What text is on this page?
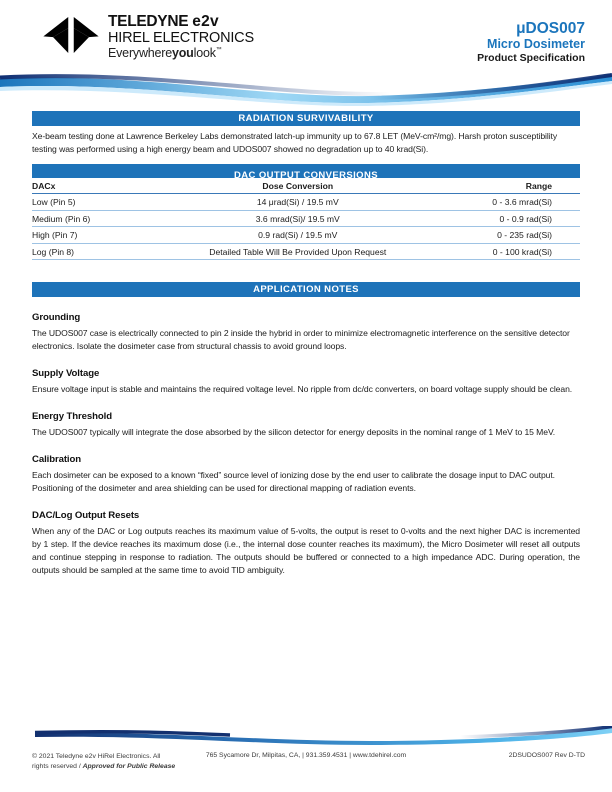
TELEDYNE e2v
HIREL ELECTRONICS
Everywhereyoulook™
μDOS007
Micro Dosimeter
Product Specification
RADIATION SURVIVABILITY

Xe-beam testing done at Lawrence Berkeley Labs demonstrated latch-up immunity up to 67.8 LET (MeV-cm²/mg). Harsh proton susceptibility testing was performed using a high energy beam and UDOS007 showed no degradation up to 40 krad(Si).

DAC OUTPUT CONVERSIONS
DACx	Dose Conversion	Range
Low (Pin 5)	14 μrad(Si) / 19.5 mV	0 - 3.6 mrad(Si)
Medium (Pin 6)	3.6 mrad(Si)/ 19.5 mV	0 - 0.9 rad(Si)
High (Pin 7)	0.9 rad(Si) / 19.5 mV	0 - 235 rad(Si)
Log (Pin 8)	Detailed Table Will Be Provided Upon Request	0 - 100 krad(Si)
APPLICATION NOTES
Grounding
The UDOS007 case is electrically connected to pin 2 inside the hybrid in order to minimize electromagnetic interference on the sensitive detector electronics. Isolate the dosimeter case from structural chassis to avoid ground loops.
Supply Voltage
Ensure voltage input is stable and maintains the required voltage level. No ripple from dc/dc converters, on board voltage supply should be clean.
Energy Threshold
The UDOS007 typically will integrate the dose absorbed by the silicon detector for energy deposits in the nominal range of 1 MeV to 15 MeV.
Calibration
Each dosimeter can be exposed to a known “fixed” source level of ionizing dose by the end user to calibrate the dosage input to DAC output. Positioning of the dosimeter and area shielding can be used for directional mapping of radiation events.
DAC/Log Output Resets
When any of the DAC or Log outputs reaches its maximum value of 5-volts, the output is reset to 0-volts and the next higher DAC is incremented by 1 step. If the device reaches its maximum dose (i.e., the internal dose counter reaches its maximum), the Micro Dosimeter will reset all outputs and continue stepping in response to radiation. The outputs should be buffered or connected to a high impedance ADC. During operation, the outputs should be sampled at the same time to avoid TID ambiguity.
© 2021 Teledyne e2v HiRel Electronics. All
rights reserved / Approved for Public Release
765 Sycamore Dr, Milpitas, CA, | 931.359.4531 | www.tdehirel.com	2DSUDOS007 Rev D-TD
